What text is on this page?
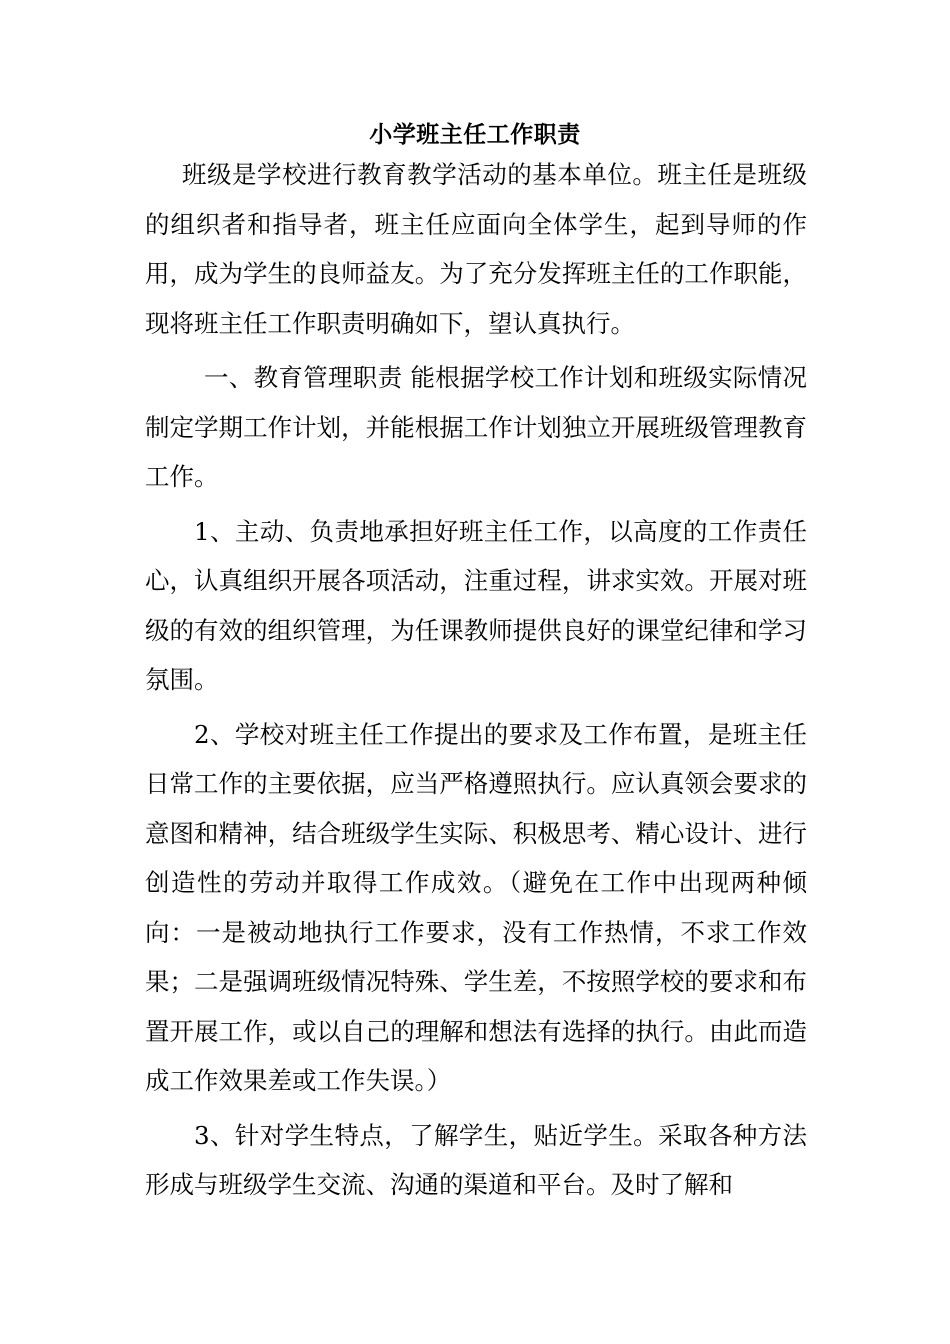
小学班主任工作职责

班级是学校进行教育教学活动的基本单位。班主任是班级的组织者和指导者，班主任应面向全体学生，起到导师的作用，成为学生的良师益友。为了充分发挥班主任的工作职能，现将班主任工作职责明确如下，望认真执行。

一、教育管理职责 能根据学校工作计划和班级实际情况制定学期工作计划，并能根据工作计划独立开展班级管理教育工作。

1、主动、负责地承担好班主任工作，以高度的工作责任心，认真组织开展各项活动，注重过程，讲求实效。开展对班级的有效的组织管理，为任课教师提供良好的课堂纪律和学习氛围。

2、学校对班主任工作提出的要求及工作布置，是班主任日常工作的主要依据，应当严格遵照执行。应认真领会要求的意图和精神，结合班级学生实际、积极思考、精心设计、进行创造性的劳动并取得工作成效。（避免在工作中出现两种倾向：一是被动地执行工作要求，没有工作热情，不求工作效果；二是强调班级情况特殊、学生差，不按照学校的要求和布置开展工作，或以自己的理解和想法有选择的执行。由此而造成工作效果差或工作失误。）

3、针对学生特点，了解学生，贴近学生。采取各种方法形成与班级学生交流、沟通的渠道和平台。及时了解和
